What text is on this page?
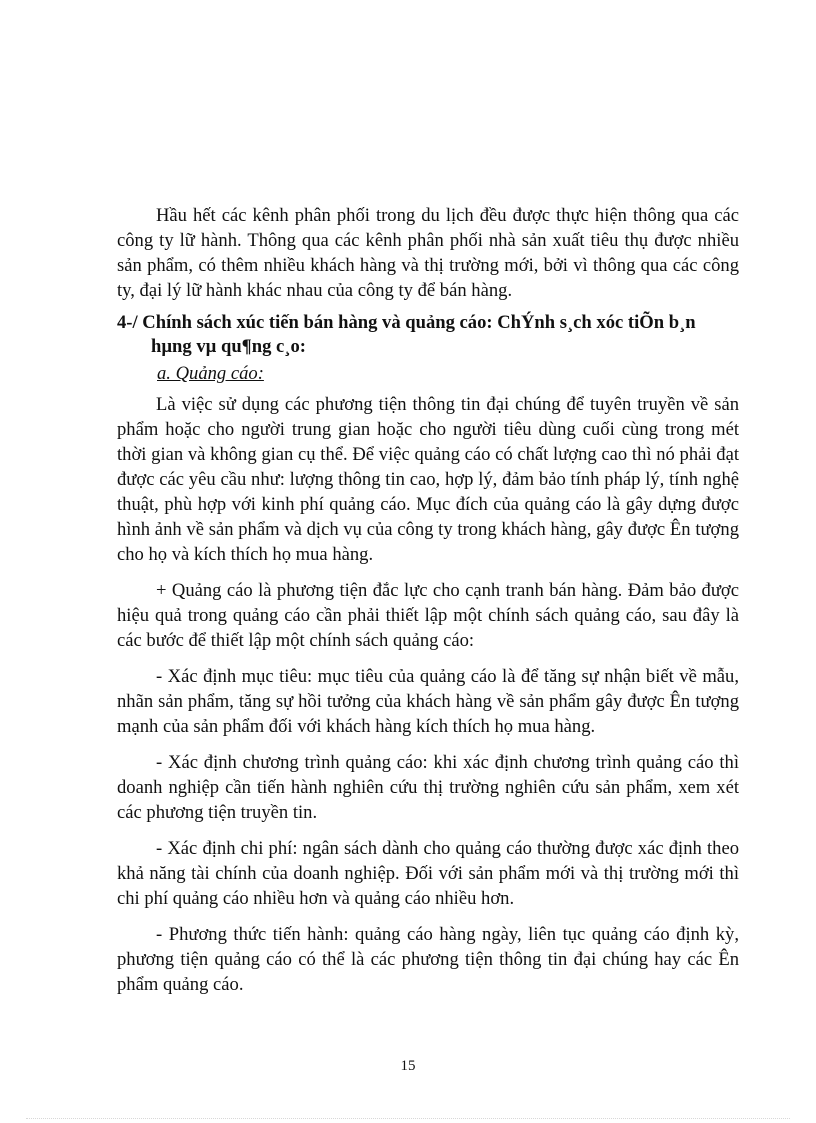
Hầu hết các kênh phân phối trong du lịch đều được thực hiện thông qua các công ty lữ hành. Thông qua các kênh phân phối nhà sản xuất tiêu thụ được nhiều sản phẩm, có thêm nhiều khách hàng và thị trường mới, bởi vì thông qua các công ty, đại lý lữ hành khác nhau của công ty để bán hàng.

4-/ Chính sách xúc tiến bán hàng và quảng cáo: ChÝnh s¸ch xóc tiÕn b¸n hµng vµ qu¶ng c¸o:
a. Quảng cáo:

Là việc sử dụng các phương tiện thông tin đại chúng để tuyên truyền về sản phẩm hoặc cho người trung gian hoặc cho người tiêu dùng cuối cùng trong mét thời gian và không gian cụ thể. Để việc quảng cáo có chất lượng cao thì nó phải đạt được các yêu cầu như: lượng thông tin cao, hợp lý, đảm bảo tính pháp lý, tính nghệ thuật, phù hợp với kinh phí quảng cáo. Mục đích của quảng cáo là gây dựng được hình ảnh về sản phẩm và dịch vụ của công ty trong khách hàng, gây được Ên tượng cho họ và kích thích họ mua hàng.

+ Quảng cáo là phương tiện đắc lực cho cạnh tranh bán hàng. Đảm bảo được hiệu quả trong quảng cáo cần phải thiết lập một chính sách quảng cáo, sau đây là các bước để thiết lập một chính sách quảng cáo:

- Xác định mục tiêu: mục tiêu của quảng cáo là để tăng sự nhận biết về mẫu, nhãn sản phẩm, tăng sự hồi tưởng của khách hàng về sản phẩm gây được Ên tượng mạnh của sản phẩm đối với khách hàng kích thích họ mua hàng.

- Xác định chương trình quảng cáo: khi xác định chương trình quảng cáo thì doanh nghiệp cần tiến hành nghiên cứu thị trường nghiên cứu sản phẩm, xem xét các phương tiện truyền tin.

- Xác định chi phí: ngân sách dành cho quảng cáo thường được xác định theo khả năng tài chính của doanh nghiệp. Đối với sản phẩm mới và thị trường mới thì chi phí quảng cáo nhiều hơn và quảng cáo nhiều hơn.

- Phương thức tiến hành: quảng cáo hàng ngày, liên tục quảng cáo định kỳ, phương tiện quảng cáo có thể là các phương tiện thông tin đại chúng hay các Ên phẩm quảng cáo.

15
